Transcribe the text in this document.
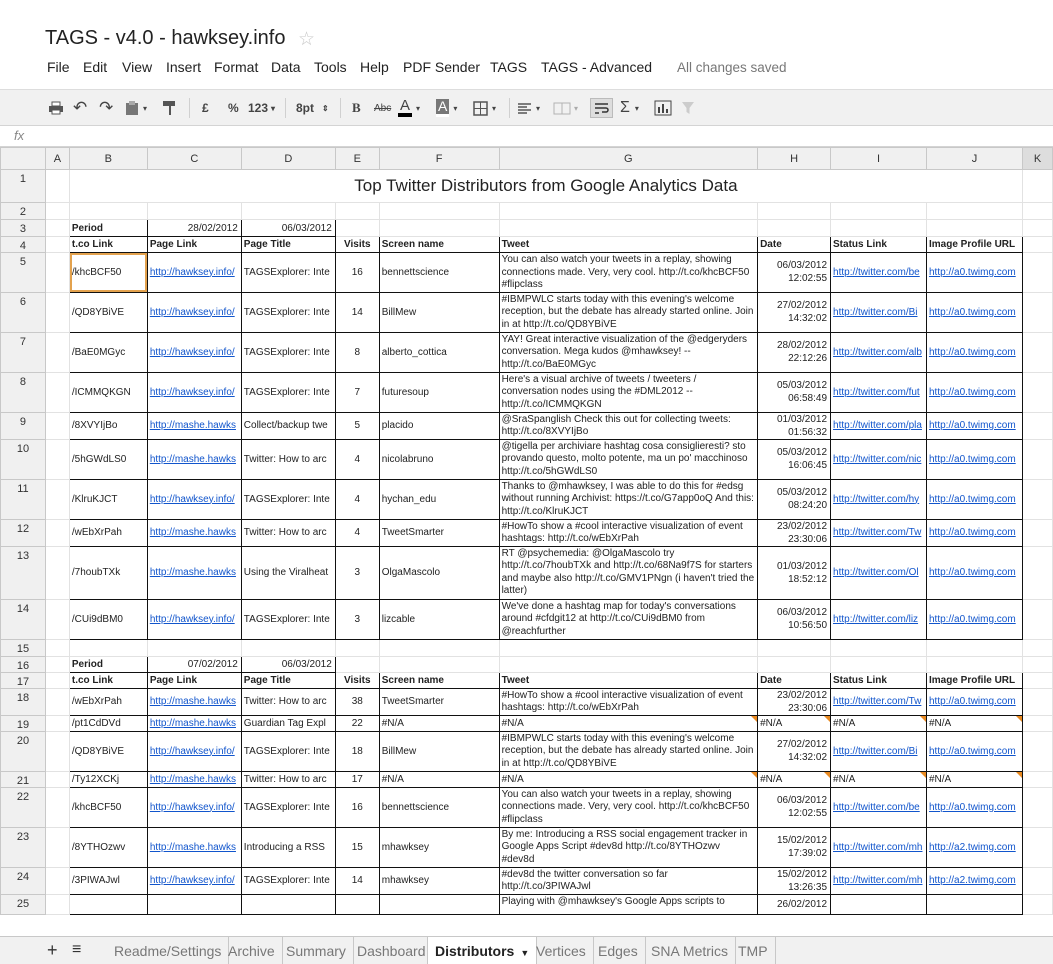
TAGS - v4.0 - hawksey.info ☆
File Edit View Insert Format Data Tools Help PDF Sender TAGS TAGS - Advanced All changes saved
↶ ↷	▾	£ % 123 ▾ 8pt ⇕ B Abc A ▾ A ▾	▾	▾	▾	Σ ▾
fx
	A	B	C	D	E	F	G	H	I	J	K
1		Top Twitter Distributors from Google Analytics Data									
2											
3		Period	28/02/2012	06/03/2012							
4		t.co Link	Page Link	Page Title	Visits	Screen name	Tweet	Date	Status Link	Image Profile URL	
5		/khcBCF50	http://hawksey.info/	TAGSExplorer: Inte	16	bennettscience	You can also watch your tweets in a replay, showing connections made. Very, very cool. http://t.co/khcBCF50 #flipclass	06/03/2012 12:02:55	http://twitter.com/be	http://a0.twimg.com	
6		/QD8YBiVE	http://hawksey.info/	TAGSExplorer: Inte	14	BillMew	#IBMPWLC starts today with this evening's welcome reception, but the debate has already started online. Join in at http://t.co/QD8YBiVE	27/02/2012 14:32:02	http://twitter.com/Bi	http://a0.twimg.com	
7		/BaE0MGyc	http://hawksey.info/	TAGSExplorer: Inte	8	alberto_cottica	YAY! Great interactive visualization of the @edgeryders conversation. Mega kudos @mhawksey! -- http://t.co/BaE0MGyc	28/02/2012 22:12:26	http://twitter.com/alb	http://a0.twimg.com	
8		/ICMMQKGN	http://hawksey.info/	TAGSExplorer: Inte	7	futuresoup	Here's a visual archive of tweets / tweeters / conversation nodes using the #DML2012 -- http://t.co/ICMMQKGN	05/03/2012 06:58:49	http://twitter.com/fut	http://a0.twimg.com	
9		/8XVYIjBo	http://mashe.hawks	Collect/backup twe	5	placido	@SraSpanglish Check this out for collecting tweets: http://t.co/8XVYIjBo	01/03/2012 01:56:32	http://twitter.com/pla	http://a0.twimg.com	
10		/5hGWdLS0	http://mashe.hawks	Twitter: How to arc	4	nicolabruno	@tigella per archiviare hashtag cosa consiglieresti? sto provando questo, molto potente, ma un po' macchinoso http://t.co/5hGWdLS0	05/03/2012 16:06:45	http://twitter.com/nic	http://a0.twimg.com	
11		/KlruKJCT	http://hawksey.info/	TAGSExplorer: Inte	4	hychan_edu	Thanks to @mhawksey, I was able to do this for #edsg without running Archivist: https://t.co/G7app0oQ And this: http://t.co/KlruKJCT	05/03/2012 08:24:20	http://twitter.com/hy	http://a0.twimg.com	
12		/wEbXrPah	http://mashe.hawks	Twitter: How to arc	4	TweetSmarter	#HowTo show a #cool interactive visualization of event hashtags: http://t.co/wEbXrPah	23/02/2012 23:30:06	http://twitter.com/Tw	http://a0.twimg.com	
13		/7houbTXk	http://mashe.hawks	Using the Viralheat	3	OlgaMascolo	RT @psychemedia: @OlgaMascolo try http://t.co/7houbTXk and http://t.co/68Na9f7S for starters and maybe also http://t.co/GMV1PNgn (i haven't tried the latter)	01/03/2012 18:52:12	http://twitter.com/Ol	http://a0.twimg.com	
14		/CUi9dBM0	http://hawksey.info/	TAGSExplorer: Inte	3	lizcable	We've done a hashtag map for today's conversations around #cfdgit12 at http://t.co/CUi9dBM0 from @reachfurther	06/03/2012 10:56:50	http://twitter.com/liz	http://a0.twimg.com	
15											
16		Period	07/02/2012	06/03/2012							
17		t.co Link	Page Link	Page Title	Visits	Screen name	Tweet	Date	Status Link	Image Profile URL	
18		/wEbXrPah	http://mashe.hawks	Twitter: How to arc	38	TweetSmarter	#HowTo show a #cool interactive visualization of event hashtags: http://t.co/wEbXrPah	23/02/2012 23:30:06	http://twitter.com/Tw	http://a0.twimg.com	
19		/pt1CdDVd	http://mashe.hawks	Guardian Tag Expl	22	#N/A	#N/A	#N/A	#N/A	#N/A	
20		/QD8YBiVE	http://hawksey.info/	TAGSExplorer: Inte	18	BillMew	#IBMPWLC starts today with this evening's welcome reception, but the debate has already started online. Join in at http://t.co/QD8YBiVE	27/02/2012 14:32:02	http://twitter.com/Bi	http://a0.twimg.com	
21		/Ty12XCKj	http://mashe.hawks	Twitter: How to arc	17	#N/A	#N/A	#N/A	#N/A	#N/A	
22		/khcBCF50	http://hawksey.info/	TAGSExplorer: Inte	16	bennettscience	You can also watch your tweets in a replay, showing connections made. Very, very cool. http://t.co/khcBCF50 #flipclass	06/03/2012 12:02:55	http://twitter.com/be	http://a0.twimg.com	
23		/8YTHOzwv	http://mashe.hawks	Introducing a RSS	15	mhawksey	By me: Introducing a RSS social engagement tracker in Google Apps Script #dev8d http://t.co/8YTHOzwv #dev8d	15/02/2012 17:39:02	http://twitter.com/mh	http://a2.twimg.com	
24		/3PIWAJwl	http://hawksey.info/	TAGSExplorer: Inte	14	mhawksey	#dev8d the twitter conversation so far http://t.co/3PIWAJwl	15/02/2012 13:26:35	http://twitter.com/mh	http://a2.twimg.com	
25							Playing with @mhawksey's Google Apps scripts to	26/02/2012			
+ ≡	Readme/Settings Archive Summary Dashboard Distributors ▼ Vertices Edges SNA Metrics TMP
